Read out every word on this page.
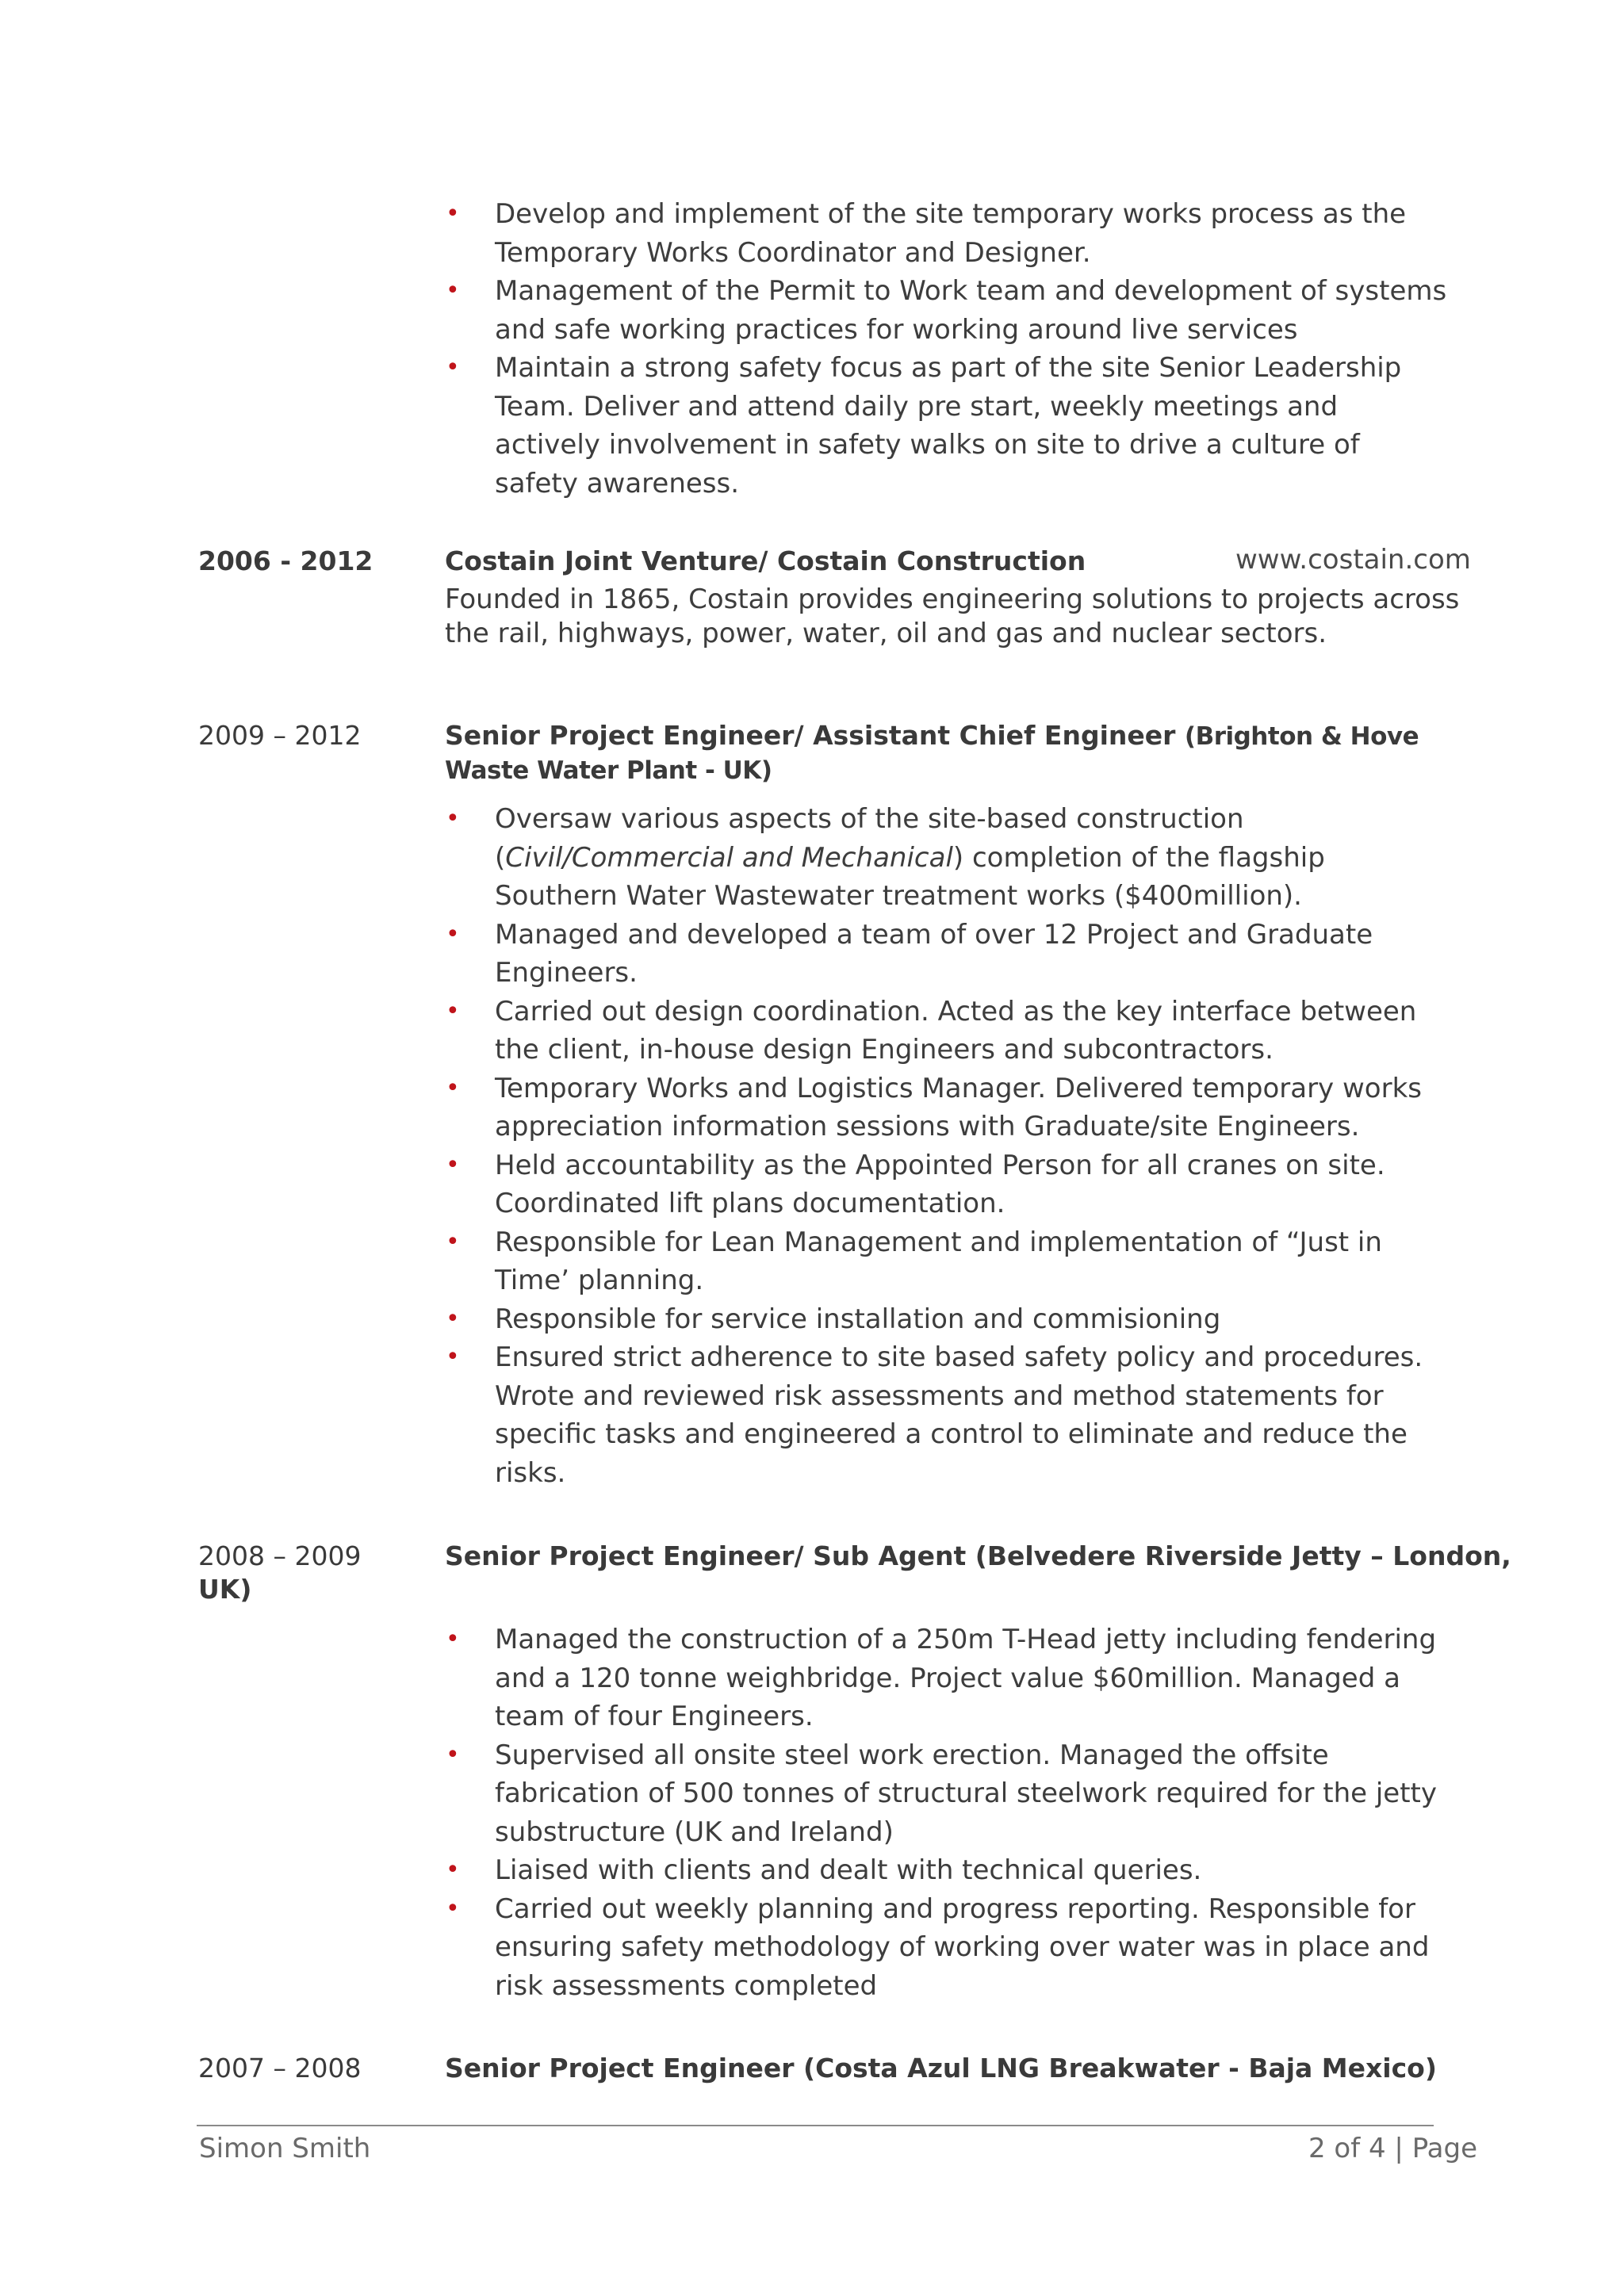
• Develop and implement of the site temporary works process as the Temporary Works Coordinator and Designer.
• Management of the Permit to Work team and development of systems and safe working practices for working around live services
• Maintain a strong safety focus as part of the site Senior Leadership Team. Deliver and attend daily pre start, weekly meetings and actively involvement in safety walks on site to drive a culture of safety awareness.
2006 - 2012	Costain Joint Venture/ Costain Construction	www.costain.com
Founded in 1865, Costain provides engineering solutions to projects across the rail, highways, power, water, oil and gas and nuclear sectors.
2009 – 2012	Senior Project Engineer/ Assistant Chief Engineer (Brighton & Hove Waste Water Plant - UK)
• Oversaw various aspects of the site-based construction (Civil/Commercial and Mechanical) completion of the flagship Southern Water Wastewater treatment works ($400million).
• Managed and developed a team of over 12 Project and Graduate Engineers.
• Carried out design coordination. Acted as the key interface between the client, in-house design Engineers and subcontractors.
• Temporary Works and Logistics Manager. Delivered temporary works appreciation information sessions with Graduate/site Engineers.
• Held accountability as the Appointed Person for all cranes on site. Coordinated lift plans documentation.
• Responsible for Lean Management and implementation of “Just in Time’ planning.
• Responsible for service installation and commisioning
• Ensured strict adherence to site based safety policy and procedures. Wrote and reviewed risk assessments and method statements for specific tasks and engineered a control to eliminate and reduce the risks.
2008 – 2009	Senior Project Engineer/ Sub Agent (Belvedere Riverside Jetty – London,
UK)
• Managed the construction of a 250m T-Head jetty including fendering and a 120 tonne weighbridge. Project value $60million. Managed a team of four Engineers.
• Supervised all onsite steel work erection. Managed the offsite fabrication of 500 tonnes of structural steelwork required for the jetty substructure (UK and Ireland)
• Liaised with clients and dealt with technical queries.
• Carried out weekly planning and progress reporting. Responsible for ensuring safety methodology of working over water was in place and risk assessments completed
2007 – 2008	Senior Project Engineer (Costa Azul LNG Breakwater - Baja Mexico)
Simon Smith	2 of 4 | Page
